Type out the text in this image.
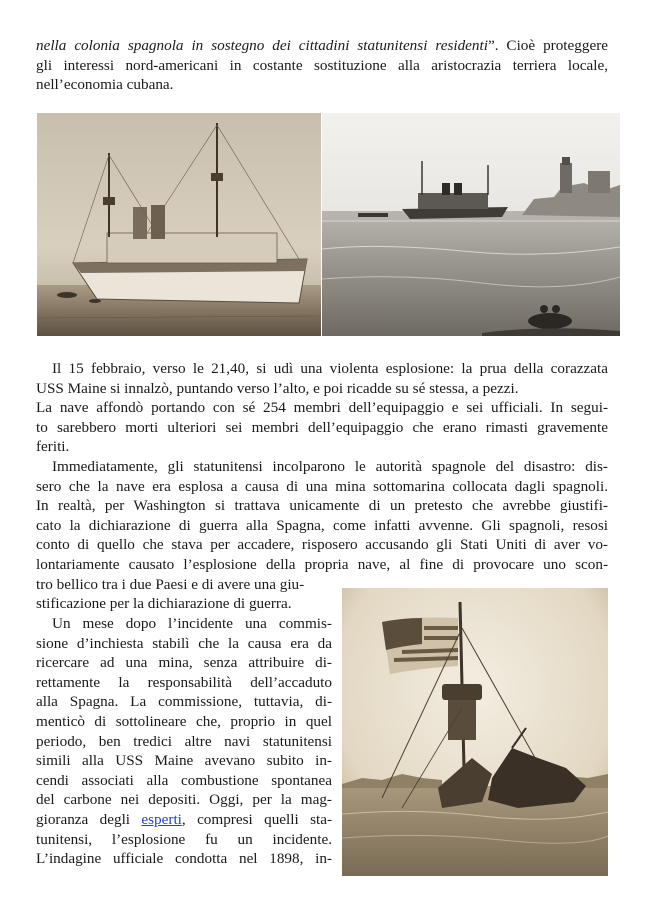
nella colonia spagnola in sostegno dei cittadini statunitensi residenti”. Cioè proteggere
gli interessi nord-americani in costante sostituzione alla aristocrazia terriera locale,
nell’economia cubana.
Il 15 febbraio, verso le 21,40, si udì una violenta esplosione: la prua della corazzata
USS Maine si innalzò, puntando verso l’alto, e poi ricadde su sé stessa, a pezzi.
La nave affondò portando con sé 254 membri dell’equipaggio e sei ufficiali. In segui-
to sarebbero morti ulteriori sei membri dell’equipaggio che erano rimasti gravemente
feriti.
Immediatamente, gli statunitensi incolparono le autorità spagnole del disastro: dis-
sero che la nave era esplosa a causa di una mina sottomarina collocata dagli spagnoli.
In realtà, per Washington si trattava unicamente di un pretesto che avrebbe giustifi-
cato la dichiarazione di guerra alla Spagna, come infatti avvenne. Gli spagnoli, resosi
conto di quello che stava per accadere, risposero accusando gli Stati Uniti di aver vo-
lontariamente causato l’esplosione della propria nave, al fine di provocare uno scon-
tro bellico tra i due Paesi e di avere una giu-
stificazione per la dichiarazione di guerra.
Un mese dopo l’incidente una commis-
sione d’inchiesta stabilì che la causa era da
ricercare ad una mina, senza attribuire di-
rettamente la responsabilità dell’accaduto
alla Spagna. La commissione, tuttavia, di-
menticò di sottolineare che, proprio in quel
periodo, ben tredici altre navi statunitensi
simili alla USS Maine avevano subito in-
cendi associati alla combustione spontanea
del carbone nei depositi. Oggi, per la mag-
gioranza degli esperti, compresi quelli sta-
tunitensi, l’esplosione fu un incidente.
L’indagine ufficiale condotta nel 1898, in-
